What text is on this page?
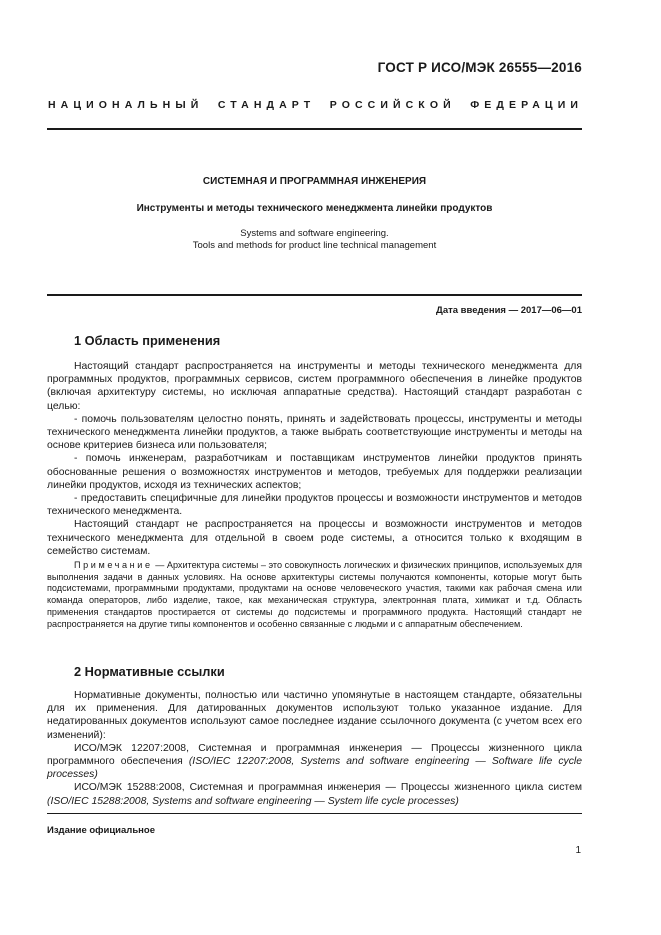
ГОСТ Р ИСО/МЭК 26555—2016
НАЦИОНАЛЬНЫЙ СТАНДАРТ РОССИЙСКОЙ ФЕДЕРАЦИИ
СИСТЕМНАЯ И ПРОГРАММНАЯ ИНЖЕНЕРИЯ
Инструменты и методы технического менеджмента линейки продуктов
Systems and software engineering.
Tools and methods for product line technical management
Дата введения — 2017—06—01
1 Область применения

Настоящий стандарт распространяется на инструменты и методы технического менеджмента для программных продуктов, программных сервисов, систем программного обеспечения в линейке продуктов (включая архитектуру системы, но исключая аппаратные средства). Настоящий стандарт разработан с целью:

- помочь пользователям целостно понять, принять и задействовать процессы, инструменты и методы технического менеджмента линейки продуктов, а также выбрать соответствующие инструменты и методы на основе критериев бизнеса или пользователя;

- помочь инженерам, разработчикам и поставщикам инструментов линейки продуктов принять обоснованные решения о возможностях инструментов и методов, требуемых для поддержки реализации линейки продуктов, исходя из технических аспектов;

- предоставить специфичные для линейки продуктов процессы и возможности инструментов и методов технического менеджмента.

Настоящий стандарт не распространяется на процессы и возможности инструментов и методов технического менеджмента для отдельной в своем роде системы, а относится только к входящим в семейство системам.

Примечание — Архитектура системы – это совокупность логических и физических принципов, используемых для выполнения задачи в данных условиях. На основе архитектуры системы получаются компоненты, которые могут быть подсистемами, программными продуктами, продуктами на основе человеческого участия, такими как рабочая смена или команда операторов, либо изделие, такое, как механическая структура, электронная плата, химикат и т.д. Область применения стандартов простирается от системы до подсистемы и программного продукта. Настоящий стандарт не распространяется на другие типы компонентов и особенно связанные с людьми и с аппаратным обеспечением.

2 Нормативные ссылки

Нормативные документы, полностью или частично упомянутые в настоящем стандарте, обязательны для их применения. Для датированных документов используют только указанное издание. Для недатированных документов используют самое последнее издание ссылочного документа (с учетом всех его изменений):

ИСО/МЭК 12207:2008, Системная и программная инженерия — Процессы жизненного цикла программного обеспечения (ISO/IEC 12207:2008, Systems and software engineering — Software life cycle processes)

ИСО/МЭК 15288:2008, Системная и программная инженерия — Процессы жизненного цикла систем (ISO/IEC 15288:2008, Systems and software engineering — System life cycle processes)

Издание официальное
1
